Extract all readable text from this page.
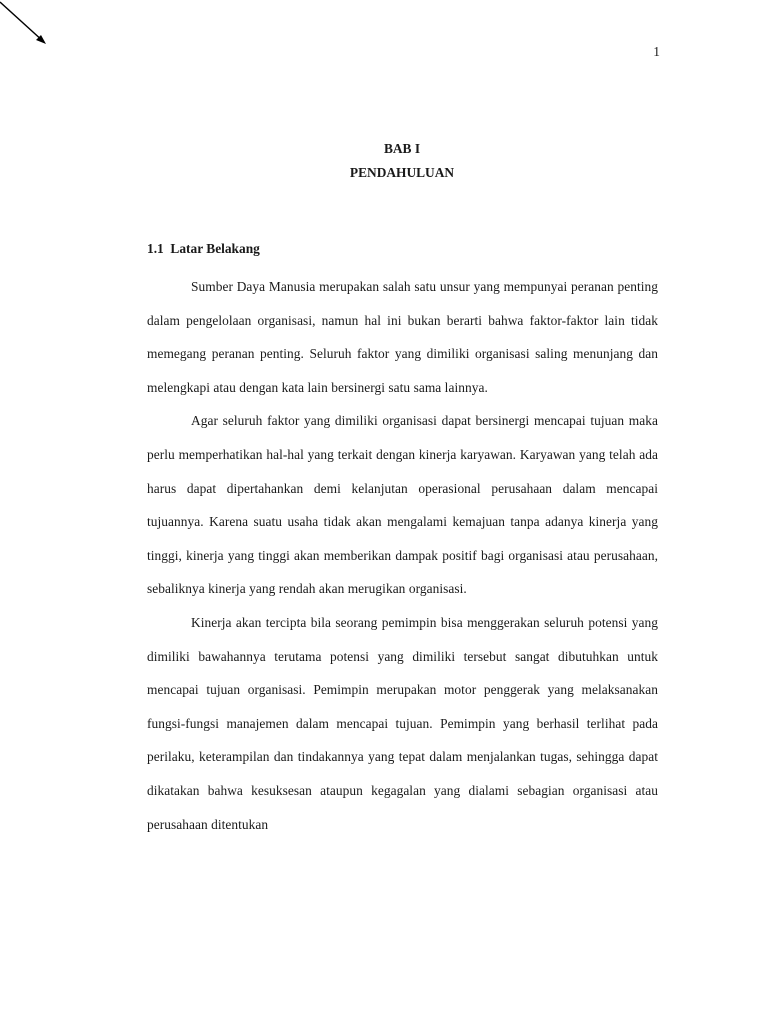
1
BAB I
PENDAHULUAN
1.1  Latar Belakang

Sumber Daya Manusia merupakan salah satu unsur yang mempunyai peranan penting dalam pengelolaan organisasi, namun hal ini bukan berarti bahwa faktor-faktor lain tidak memegang peranan penting. Seluruh faktor yang dimiliki organisasi saling menunjang dan melengkapi atau dengan kata lain bersinergi satu sama lainnya.

Agar seluruh faktor yang dimiliki organisasi dapat bersinergi mencapai tujuan maka perlu memperhatikan hal-hal yang terkait dengan kinerja karyawan. Karyawan yang telah ada harus dapat dipertahankan demi kelanjutan operasional perusahaan dalam mencapai tujuannya. Karena suatu usaha tidak akan mengalami kemajuan tanpa adanya kinerja yang tinggi, kinerja yang tinggi akan memberikan dampak positif bagi organisasi atau perusahaan, sebaliknya kinerja yang rendah akan merugikan organisasi.

Kinerja akan tercipta bila seorang pemimpin bisa menggerakan seluruh potensi yang dimiliki bawahannya terutama potensi yang dimiliki tersebut sangat dibutuhkan untuk mencapai tujuan organisasi. Pemimpin merupakan motor penggerak yang melaksanakan fungsi-fungsi manajemen dalam mencapai tujuan. Pemimpin yang berhasil terlihat pada perilaku, keterampilan dan tindakannya yang tepat dalam menjalankan tugas, sehingga dapat dikatakan bahwa kesuksesan ataupun kegagalan yang dialami sebagian organisasi atau perusahaan ditentukan
